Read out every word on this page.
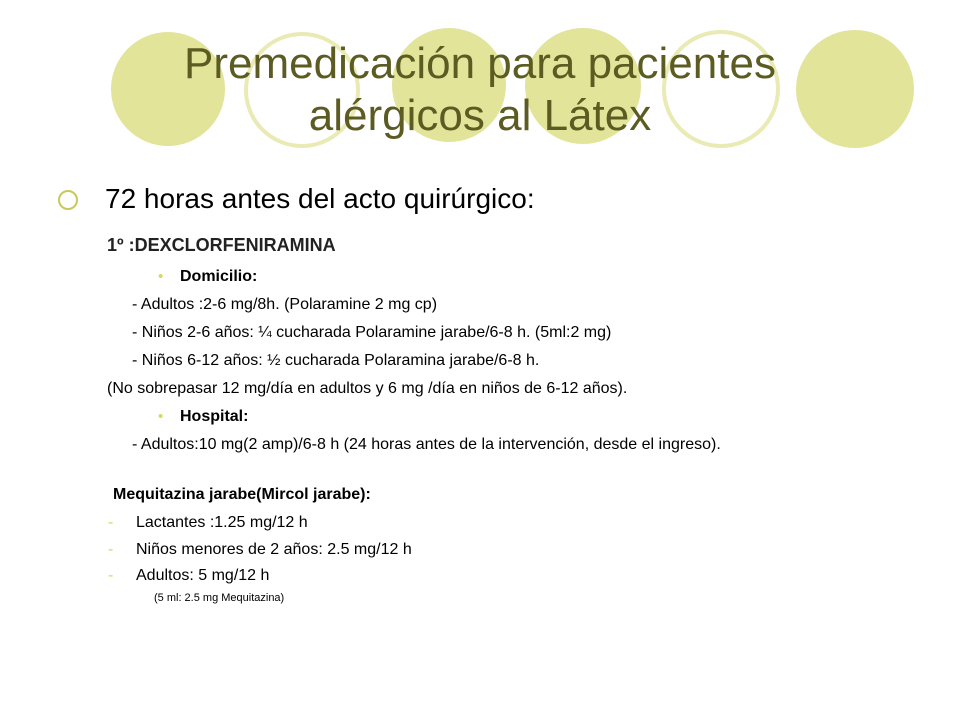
Premedicación para pacientes
alérgicos al Látex
72 horas antes del acto quirúrgico:
1º :DEXCLORFENIRAMINA
• Domicilio:
- Adultos :2-6 mg/8h. (Polaramine 2 mg cp)
- Niños 2-6 años: ¼ cucharada Polaramine jarabe/6-8 h. (5ml:2 mg)
- Niños 6-12 años: ½ cucharada Polaramina jarabe/6-8 h.
(No sobrepasar 12 mg/día en adultos y 6 mg /día en niños de 6-12 años).
• Hospital:
- Adultos:10 mg(2 amp)/6-8 h (24 horas antes de la intervención, desde el ingreso).
Mequitazina jarabe(Mircol jarabe):
- Lactantes :1.25 mg/12 h
- Niños menores de 2 años: 2.5 mg/12 h
- Adultos: 5 mg/12 h
(5 ml: 2.5 mg Mequitazina)
